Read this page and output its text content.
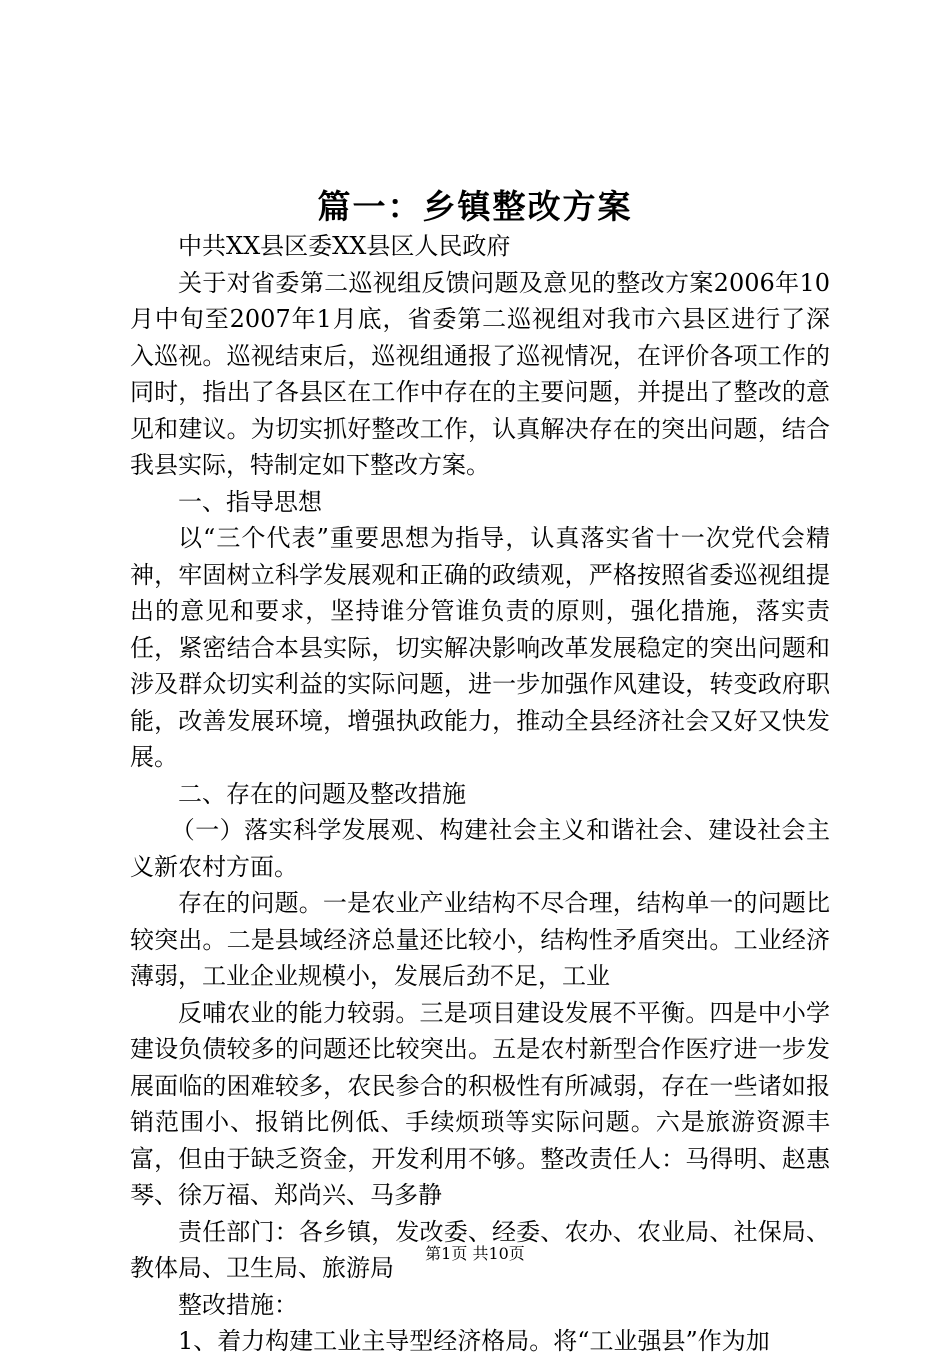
篇一：乡镇整改方案

中共XX县区委XX县区人民政府

关于对省委第二巡视组反馈问题及意见的整改方案2006年10月中旬至2007年1月底，省委第二巡视组对我市六县区进行了深入巡视。巡视结束后，巡视组通报了巡视情况，在评价各项工作的同时，指出了各县区在工作中存在的主要问题，并提出了整改的意见和建议。为切实抓好整改工作，认真解决存在的突出问题，结合我县实际，特制定如下整改方案。

一、指导思想

以“三个代表”重要思想为指导，认真落实省十一次党代会精神，牢固树立科学发展观和正确的政绩观，严格按照省委巡视组提出的意见和要求，坚持谁分管谁负责的原则，强化措施，落实责任，紧密结合本县实际，切实解决影响改革发展稳定的突出问题和涉及群众切实利益的实际问题，进一步加强作风建设，转变政府职能，改善发展环境，增强执政能力，推动全县经济社会又好又快发展。

二、存在的问题及整改措施

（一）落实科学发展观、构建社会主义和谐社会、建设社会主义新农村方面。

存在的问题。一是农业产业结构不尽合理，结构单一的问题比较突出。二是县域经济总量还比较小，结构性矛盾突出。工业经济薄弱，工业企业规模小，发展后劲不足，工业

反哺农业的能力较弱。三是项目建设发展不平衡。四是中小学建设负债较多的问题还比较突出。五是农村新型合作医疗进一步发展面临的困难较多，农民参合的积极性有所减弱，存在一些诸如报销范围小、报销比例低、手续烦琐等实际问题。六是旅游资源丰富，但由于缺乏资金，开发利用不够。整改责任人：马得明、赵惠琴、徐万福、郑尚兴、马多静

责任部门：各乡镇，发改委、经委、农办、农业局、社保局、教体局、卫生局、旅游局

整改措施：

1、着力构建工业主导型经济格局。将“工业强县”作为加

第1页 共10页
